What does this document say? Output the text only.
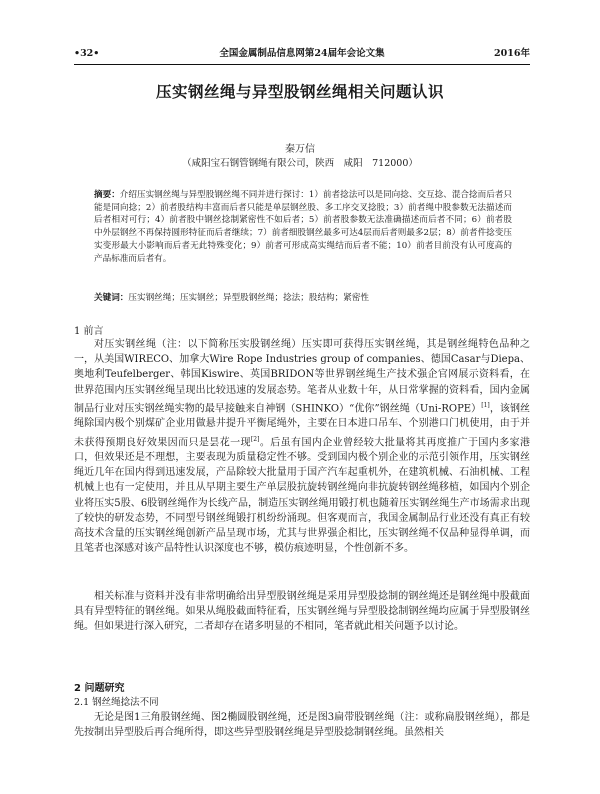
•32•	全国金属制品信息网第24届年会论文集	2016年
压实钢丝绳与异型股钢丝绳相关问题认识
秦万信
（咸阳宝石钢管钢绳有限公司，陕西　咸阳　712000）

摘要：介绍压实钢丝绳与异型股钢丝绳不同并进行探讨：1）前者捻法可以是同向捻、交互捻、混合捻而后者只能是同向捻；2）前者股结构丰富而后者只能是单层钢丝股、多工序交叉捻股；3）前者绳中股参数无法描述而后者相对可行；4）前者股中钢丝捻制紧密性不如后者；5）前者股参数无法准确描述而后者不同；6）前者股中外层钢丝不再保持圆形特征而后者继续；7）前者细股钢丝最多可达4层而后者则最多2层；8）前者件捻变压实变形最大小影响而后者无此特殊变化；9）前者可形成高实绳结而后者不能；10）前者目前没有认可度高的产品标准而后者有。

关键词：压实钢丝绳；压实钢丝；异型股钢丝绳；捻法；股结构；紧密性

1 前言

对压实钢丝绳（注：以下简称压实股钢丝绳）压实即可获得压实钢丝绳，其是钢丝绳特色品种之一，从美国WIRECO、加拿大Wire Rope Industries group of companies、德国Casar与Diepa、奥地利Teufelberger、韩国Kiswire、英国BRIDON等世界钢丝绳生产技术强企官网展示资料看，在世界范围内压实钢丝绳呈现出比较迅速的发展态势。笔者从业数十年，从日常掌握的资料看，国内金属制品行业对压实钢丝绳实物的最早接触来自神钢（SHINKO）“优你”钢丝绳（Uni-ROPE）[1]，该钢丝绳除国内极个别煤矿企业用做悬井提升平衡尾绳外，主要在日本进口吊车、个别港口门机使用，由于并未获得预期良好效果因而只是昙花一现[2]。后虽有国内企业曾经较大批量将其再度推广于国内多家港口，但效果还是不理想，主要表现为质量稳定性不够。受到国内极个别企业的示范引领作用，压实钢丝绳近几年在国内得到迅速发展，产品除较大批量用于国产汽车起重机外，在建筑机械、石油机械、工程机械上也有一定使用，并且从早期主要生产单层股抗旋转钢丝绳向非抗旋转钢丝绳移植，如国内个别企业将压实5股、6股钢丝绳作为长线产品，制造压实钢丝绳用锻打机也随着压实钢丝绳生产市场需求出现了较快的研发态势，不同型号钢丝绳锻打机纷纷涌现。但客观而言，我国金属制品行业还没有真正有较高技术含量的压实钢丝绳创新产品呈现市场，尤其与世界强企相比，压实钢丝绳不仅品种显得单调，而且笔者也深感对该产品特性认识深度也不够，模仿痕迹明显，个性创新不多。

相关标准与资料并没有非常明确给出异型股钢丝绳是采用异型股捻制的钢丝绳还是钢丝绳中股截面具有异型特征的钢丝绳。如果从绳股截面特征看，压实钢丝绳与异型股捻制钢丝绳均应属于异型股钢丝绳。但如果进行深入研究，二者却存在诸多明显的不相同，笔者就此相关问题予以讨论。

2 问题研究
2.1 钢丝绳捻法不同

无论是图1三角股钢丝绳、图2椭圆股钢丝绳，还是图3扁带股钢丝绳（注：或称扁股钢丝绳），都是先按制出异型股后再合绳所得，即这些异型股钢丝绳是异型股捻制钢丝绳。虽然相关
